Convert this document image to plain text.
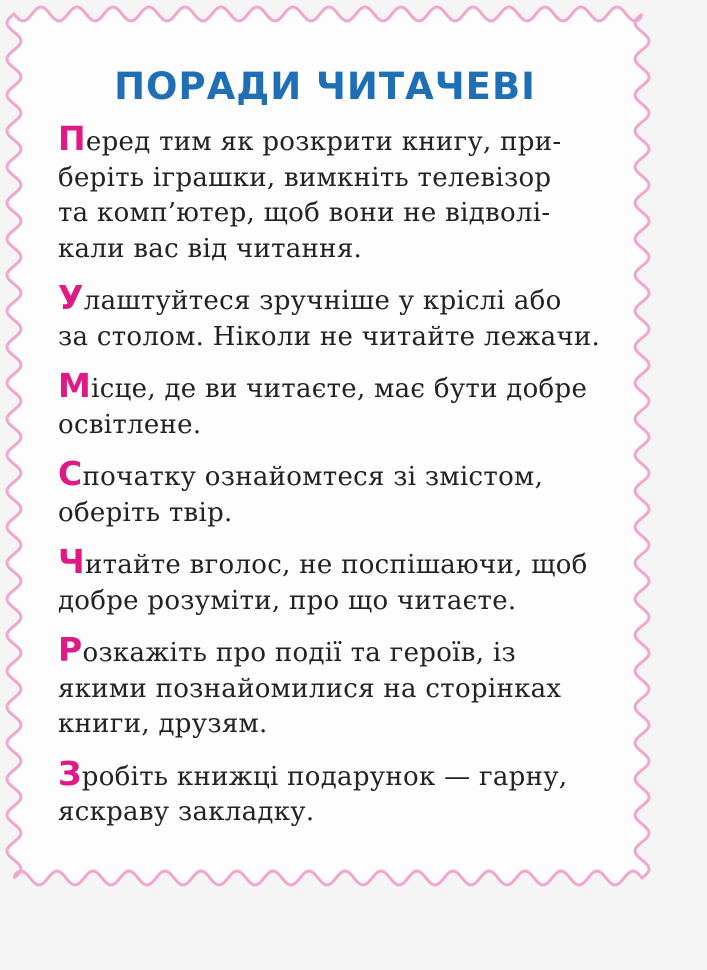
ПОРАДИ ЧИТАЧЕВІ

Перед тим як розкрити книгу, при-
беріть іграшки, вимкніть телевізор
та комп’ютер, щоб вони не відволі-
кали вас від читання.

Улаштуйтеся зручніше у кріслі або
за столом. Ніколи не читайте лежачи.

Місце, де ви читаєте, має бути добре
освітлене.

Спочатку ознайомтеся зі змістом,
оберіть твір.

Читайте вголос, не поспішаючи, щоб
добре розуміти, про що читаєте.

Розкажіть про події та героїв, із
якими познайомилися на сторінках
книги, друзям.

Зробіть книжці подарунок — гарну,
яскраву закладку.
